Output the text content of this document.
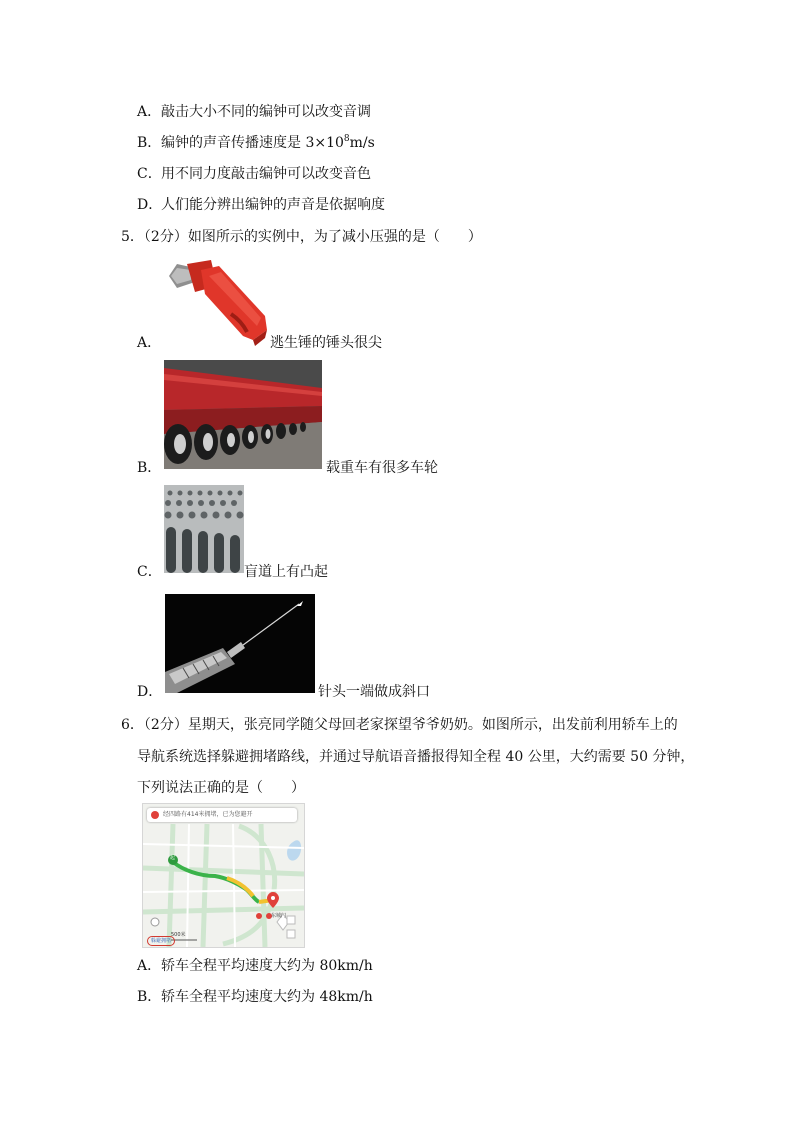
A．敲击大小不同的编钟可以改变音调
B．编钟的声音传播速度是 $3\times 10^8m/s$
C．用不同力度敲击编钟可以改变音色
D．人们能分辨出编钟的声音是依据响度
5．（2分）如图所示的实例中，为了减小压强的是（　　）
A．	逃生锤的锤头很尖
B．	载重车有很多车轮
C．	盲道上有凸起
D．	针头一端做成斜口
6．（2分）星期天，张亮同学随父母回老家探望爷爷奶奶。如图所示，出发前利用轿车上的
导航系统选择躲避拥堵路线，并通过导航语音播报得知全程 40 公里，大约需要 50 分钟，
下列说法正确的是（　　）
经四路有414米拥堵，已为您避开
500米
躲避拥堵
东城门
起
A．轿车全程平均速度大约为 80km/h
B．轿车全程平均速度大约为 48km/h
